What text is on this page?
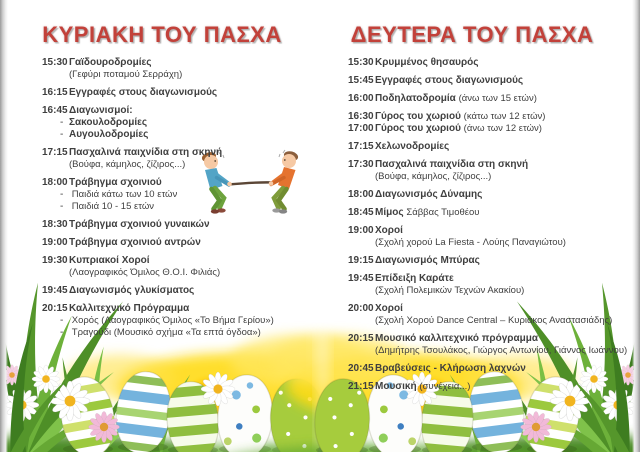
ΚΥΡΙΑΚΗ ΤΟΥ ΠΑΣΧΑ	ΔΕΥΤΕΡΑ ΤΟΥ ΠΑΣΧΑ
15:30Γαϊδουροδρομίες
(Γεφύρι ποταμού Σερράχη)
16:15Εγγραφές στους διαγωνισμούς
16:45Διαγωνισμοί:
- Σακουλοδρομίες
- Αυγουλοδρομίες
17:15Πασχαλινά παιχνίδια στη σκηνή
(Βούφα, κάμηλος, ζίζιρος...)
18:00Τράβηγμα σχοινιού
- Παιδιά κάτω των 10 ετών
- Παιδιά 10 - 15 ετών
18:30Τράβηγμα σχοινιού γυναικών
19:00Τράβηγμα σχοινιού αντρών
19:30Κυπριακοί Χοροί
(Λαογραφικός Όμιλος Θ.Ο.Ι. Φιλιάς)
19:45Διαγωνισμός γλυκίσματος
20:15Καλλιτεχνικό Πρόγραμμα
- Χορός (Λαογραφικός Όμιλος «Το Βήμα Γερίου»)
- Τραγούδι (Μουσικό σχήμα «Τα επτά όγδοα»)
15:30Κρυμμένος θησαυρός
15:45Εγγραφές στους διαγωνισμούς
16:00Ποδηλατοδρομία (άνω των 15 ετών)
16:30Γύρος του χωριού (κάτω των 12 ετών)
17:00Γύρος του χωριού (άνω των 12 ετών)
17:15Χελωνοδρομίες
17:30Πασχαλινά παιχνίδια στη σκηνή
(Βούφα, κάμηλος, ζίζιρος...)
18:00Διαγωνισμός Δύναμης
18:45Μίμος Σάββας Τιμοθέου
19:00Χοροί
(Σχολή χορού La Fiesta - Λούης Παναγιώτου)
19:15Διαγωνισμός Μπύρας
19:45Επίδειξη Καράτε
(Σχολή Πολεμικών Τεχνών Ακακίου)
20:00Χοροί
(Σχολή Χορού Dance Central – Κυριάκος Αναστασιάδης)
20:15Μουσικό καλλιτεχνικό πρόγραμμα
(Δημήτρης Τσουλάκος, Γιώργος Αντωνίου, Γιάννος Ιωάννου)
20:45Βραβεύσεις - Κλήρωση λαχνών
21:15Μουσική (συνέχεια...)
